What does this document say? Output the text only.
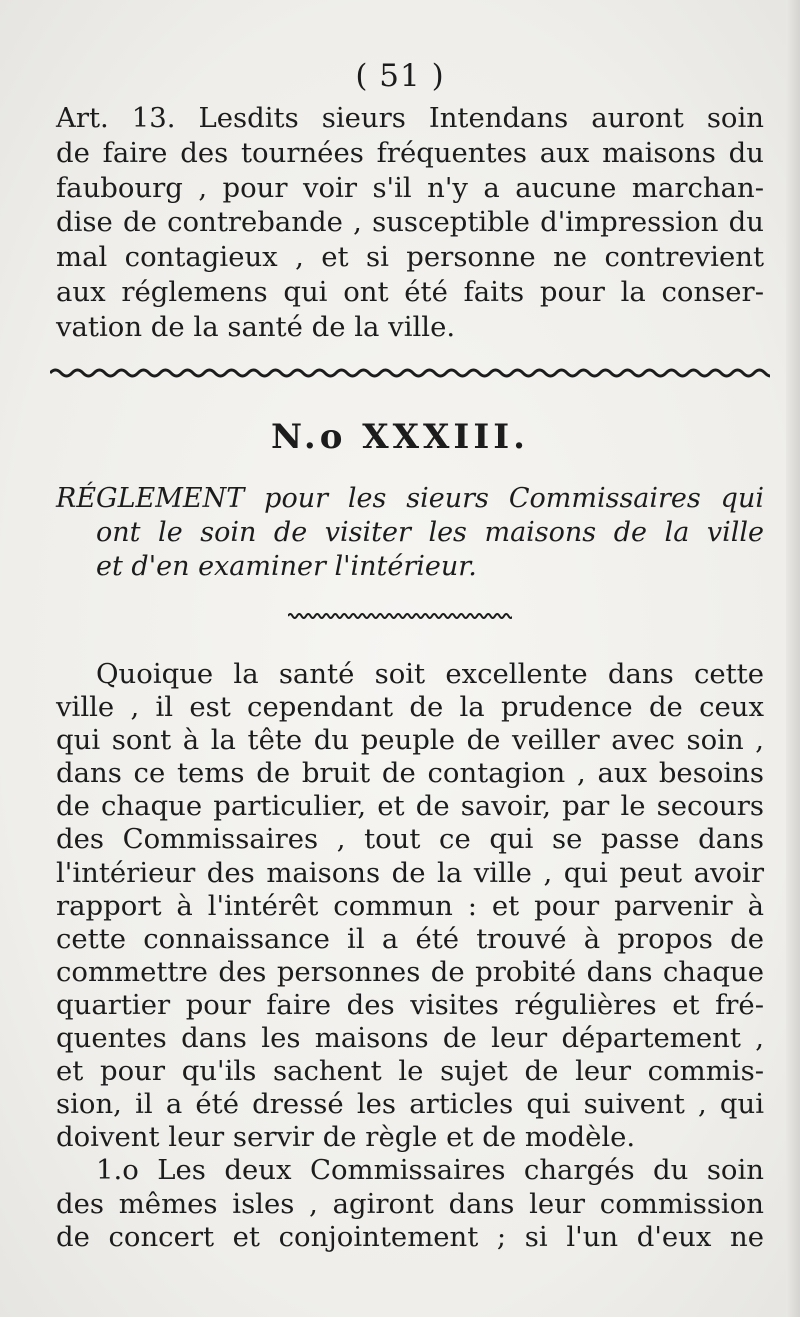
( 51 )
Art. 13. Lesdits sieurs Intendans auront soin
de faire des tournées fréquentes aux maisons du
faubourg , pour voir s'il n'y a aucune marchan-
dise de contrebande , susceptible d'impression du
mal contagieux , et si personne ne contrevient
aux réglemens qui ont été faits pour la conser-
vation de la santé de la ville.
N.o XXXIII.
RÉGLEMENT pour les sieurs Commissaires qui
ont le soin de visiter les maisons de la ville
et d'en examiner l'intérieur.
Quoique la santé soit excellente dans cette
ville , il est cependant de la prudence de ceux
qui sont à la tête du peuple de veiller avec soin ,
dans ce tems de bruit de contagion , aux besoins
de chaque particulier, et de savoir, par le secours
des Commissaires , tout ce qui se passe dans
l'intérieur des maisons de la ville , qui peut avoir
rapport à l'intérêt commun : et pour parvenir à
cette connaissance il a été trouvé à propos de
commettre des personnes de probité dans chaque
quartier pour faire des visites régulières et fré-
quentes dans les maisons de leur département ,
et pour qu'ils sachent le sujet de leur commis-
sion, il a été dressé les articles qui suivent , qui
doivent leur servir de règle et de modèle.
1.o Les deux Commissaires chargés du soin
des mêmes isles , agiront dans leur commission
de concert et conjointement ; si l'un d'eux ne
